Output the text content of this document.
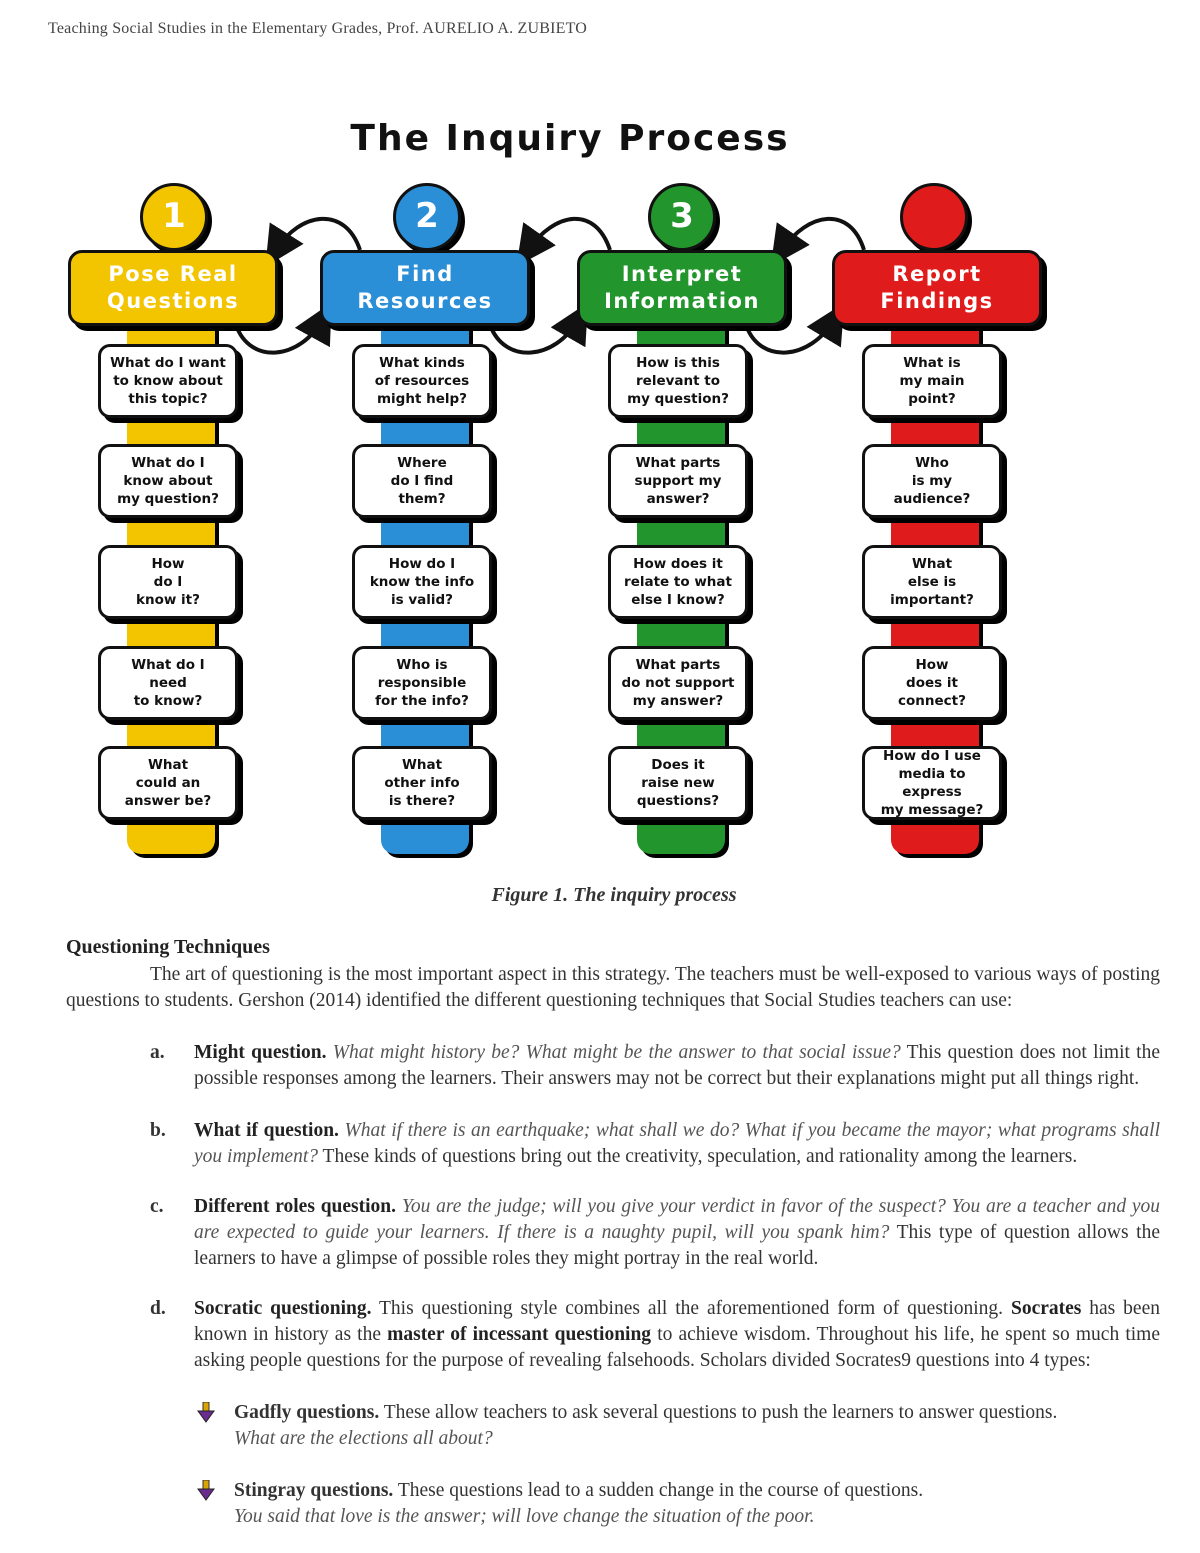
Teaching Social Studies in the Elementary Grades, Prof. AURELIO A. ZUBIETO
The Inquiry Process
1	2	3
Pose Real
Questions
Find
Resources
Interpret
Information
Report
Findings
What do I want
to know about
this topic?
What do I
know about
my question?
How
do I
know it?
What do I
need
to know?
What
could an
answer be?
What kinds
of resources
might help?
Where
do I find
them?
How do I
know the info
is valid?
Who is
responsible
for the info?
What
other info
is there?
How is this
relevant to
my question?
What parts
support my
answer?
How does it
relate to what
else I know?
What parts
do not support
my answer?
Does it
raise new
questions?
What is
my main
point?
Who
is my
audience?
What
else is
important?
How
does it
connect?
How do I use
media to express
my message?
Figure 1. The inquiry process
Questioning Techniques
The art of questioning is the most important aspect in this strategy. The teachers must be well-exposed to various ways of posting questions to students. Gershon (2014) identified the different questioning techniques that Social Studies teachers can use:
a. Might question. What might history be? What might be the answer to that social issue? This question does not limit the possible responses among the learners. Their answers may not be correct but their explanations might put all things right.
b. What if question. What if there is an earthquake; what shall we do? What if you became the mayor; what programs shall you implement? These kinds of questions bring out the creativity, speculation, and rationality among the learners.
c. Different roles question. You are the judge; will you give your verdict in favor of the suspect? You are a teacher and you are expected to guide your learners. If there is a naughty pupil, will you spank him? This type of question allows the learners to have a glimpse of possible roles they might portray in the real world.
d. Socratic questioning. This questioning style combines all the aforementioned form of questioning. Socrates has been known in history as the master of incessant questioning to achieve wisdom. Throughout his life, he spent so much time asking people questions for the purpose of revealing falsehoods. Scholars divided Socrates9 questions into 4 types:
Gadfly questions. These allow teachers to ask several questions to push the learners to answer questions.
What are the elections all about?
Stingray questions. These questions lead to a sudden change in the course of questions.
You said that love is the answer; will love change the situation of the poor.
